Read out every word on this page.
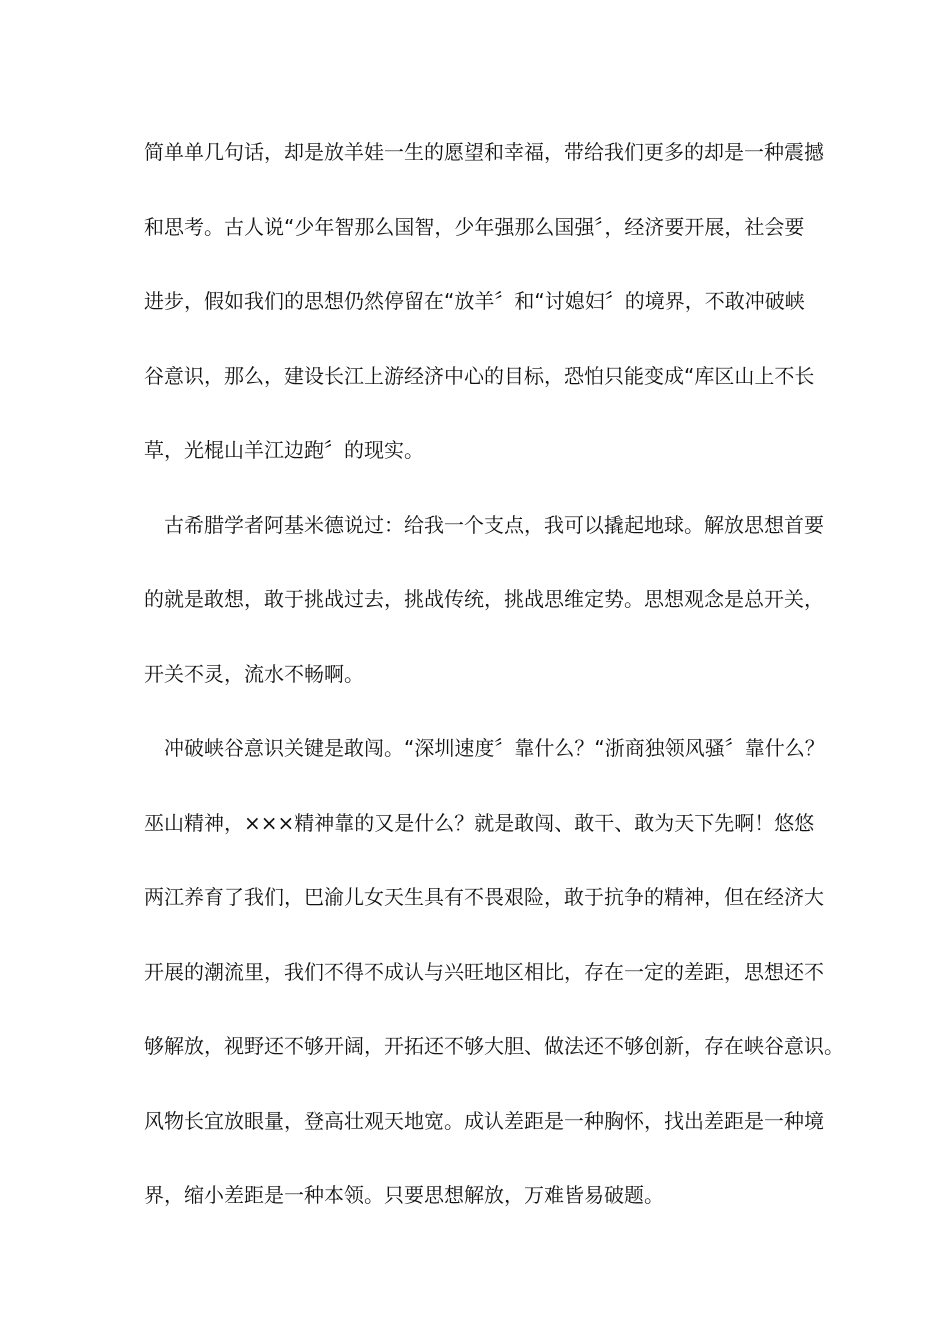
简单单几句话，却是放羊娃一生的愿望和幸福，带给我们更多的却是一种震撼
和思考。古人说“少年智那么国智，少年强那么国强〞，经济要开展，社会要
进步，假如我们的思想仍然停留在“放羊〞和“讨媳妇〞的境界，不敢冲破峡
谷意识，那么，建设长江上游经济中心的目标，恐怕只能变成“库区山上不长
草，光棍山羊江边跑〞的现实。
　古希腊学者阿基米德说过：给我一个支点，我可以撬起地球。解放思想首要
的就是敢想，敢于挑战过去，挑战传统，挑战思维定势。思想观念是总开关，
开关不灵，流水不畅啊。
　冲破峡谷意识关键是敢闯。“深圳速度〞靠什么？“浙商独领风骚〞靠什么？
巫山精神，×××精神靠的又是什么？就是敢闯、敢干、敢为天下先啊！悠悠
两江养育了我们，巴渝儿女天生具有不畏艰险，敢于抗争的精神，但在经济大
开展的潮流里，我们不得不成认与兴旺地区相比，存在一定的差距，思想还不
够解放，视野还不够开阔，开拓还不够大胆、做法还不够创新，存在峡谷意识。
风物长宜放眼量，登高壮观天地宽。成认差距是一种胸怀，找出差距是一种境
界，缩小差距是一种本领。只要思想解放，万难皆易破题。
